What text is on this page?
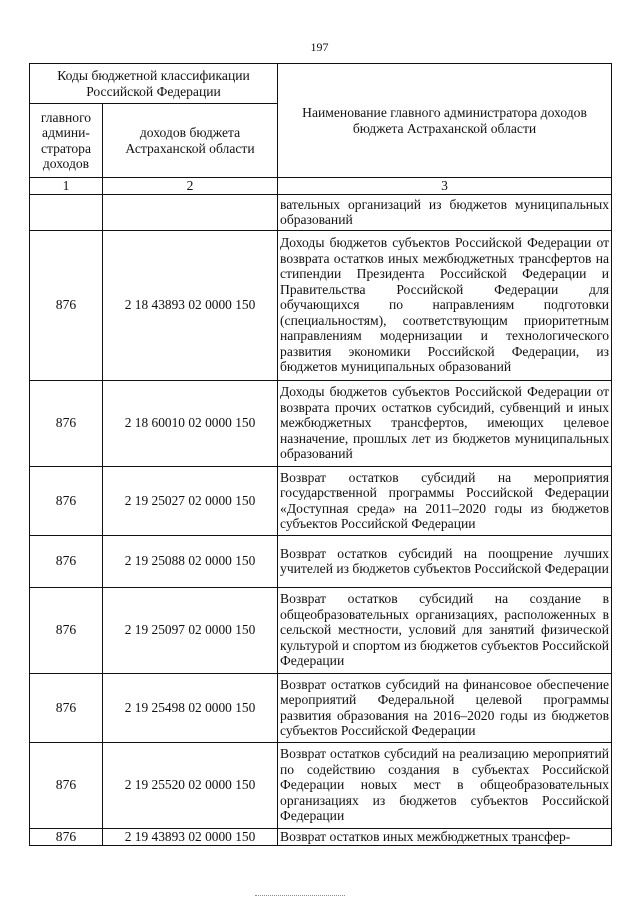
197
Коды бюджетной классификации Российской Федерации		Наименование главного администратора доходов бюджета Астраханской области
главного админи-стратора доходов	доходов бюджета Астраханской области	
1	2	3
		вательных организаций из бюджетов муниципальных образований
876	2 18 43893 02 0000 150	Доходы бюджетов субъектов Российской Федерации от возврата остатков иных межбюджетных трансфертов на стипендии Президента Российской Федерации и Правительства Российской Федерации для обучающихся по направлениям подготовки (специальностям), соответствующим приоритетным направлениям модернизации и технологического развития экономики Российской Федерации, из бюджетов муниципальных образований
876	2 18 60010 02 0000 150	Доходы бюджетов субъектов Российской Федерации от возврата прочих остатков субсидий, субвенций и иных межбюджетных трансфертов, имеющих целевое назначение, прошлых лет из бюджетов муниципальных образований
876	2 19 25027 02 0000 150	Возврат остатков субсидий на мероприятия государственной программы Российской Федерации «Доступная среда» на 2011–2020 годы из бюджетов субъектов Российской Федерации
876	2 19 25088 02 0000 150	Возврат остатков субсидий на поощрение лучших учителей из бюджетов субъектов Российской Федерации
876	2 19 25097 02 0000 150	Возврат остатков субсидий на создание в общеобразовательных организациях, расположенных в сельской местности, условий для занятий физической культурой и спортом из бюджетов субъектов Российской Федерации
876	2 19 25498 02 0000 150	Возврат остатков субсидий на финансовое обеспечение мероприятий Федеральной целевой программы развития образования на 2016–2020 годы из бюджетов субъектов Российской Федерации
876	2 19 25520 02 0000 150	Возврат остатков субсидий на реализацию мероприятий по содействию создания в субъектах Российской Федерации новых мест в общеобразовательных организациях из бюджетов субъектов Российской Федерации
876	2 19 43893 02 0000 150	Возврат остатков иных межбюджетных трансфер-
